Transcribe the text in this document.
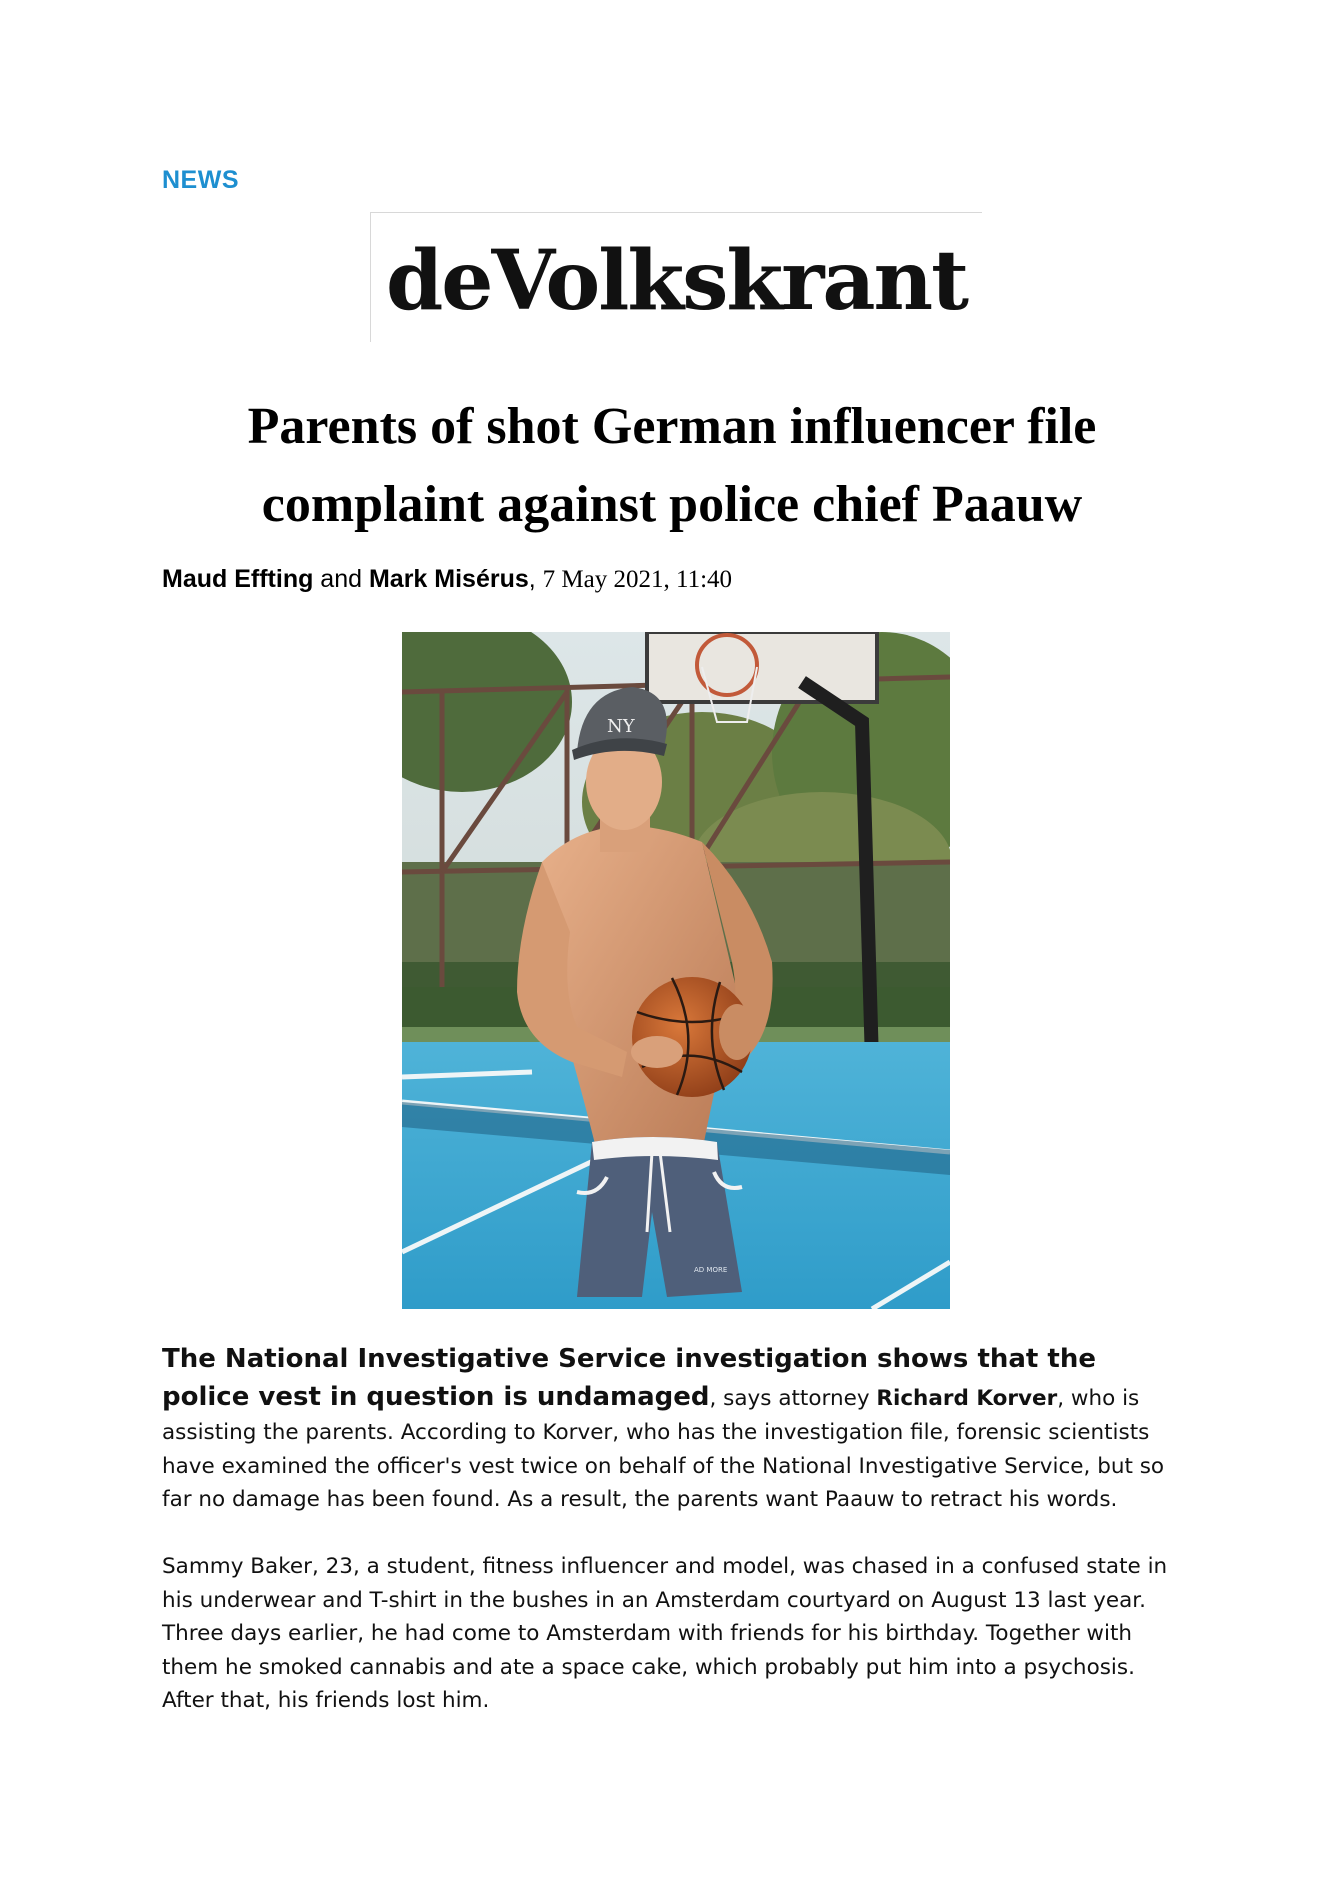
NEWS
deVolkskrant
Parents of shot German influencer file complaint against police chief Paauw
Maud Effting and Mark Misérus, 7 May 2021, 11:40
NY
AD MORE

The National Investigative Service investigation shows that the police vest in question is undamaged, says attorney Richard Korver, who is assisting the parents. According to Korver, who has the investigation file, forensic scientists have examined the officer's vest twice on behalf of the National Investigative Service, but so far no damage has been found. As a result, the parents want Paauw to retract his words.

Sammy Baker, 23, a student, fitness influencer and model, was chased in a confused state in his underwear and T-shirt in the bushes in an Amsterdam courtyard on August 13 last year. Three days earlier, he had come to Amsterdam with friends for his birthday. Together with them he smoked cannabis and ate a space cake, which probably put him into a psychosis. After that, his friends lost him.
